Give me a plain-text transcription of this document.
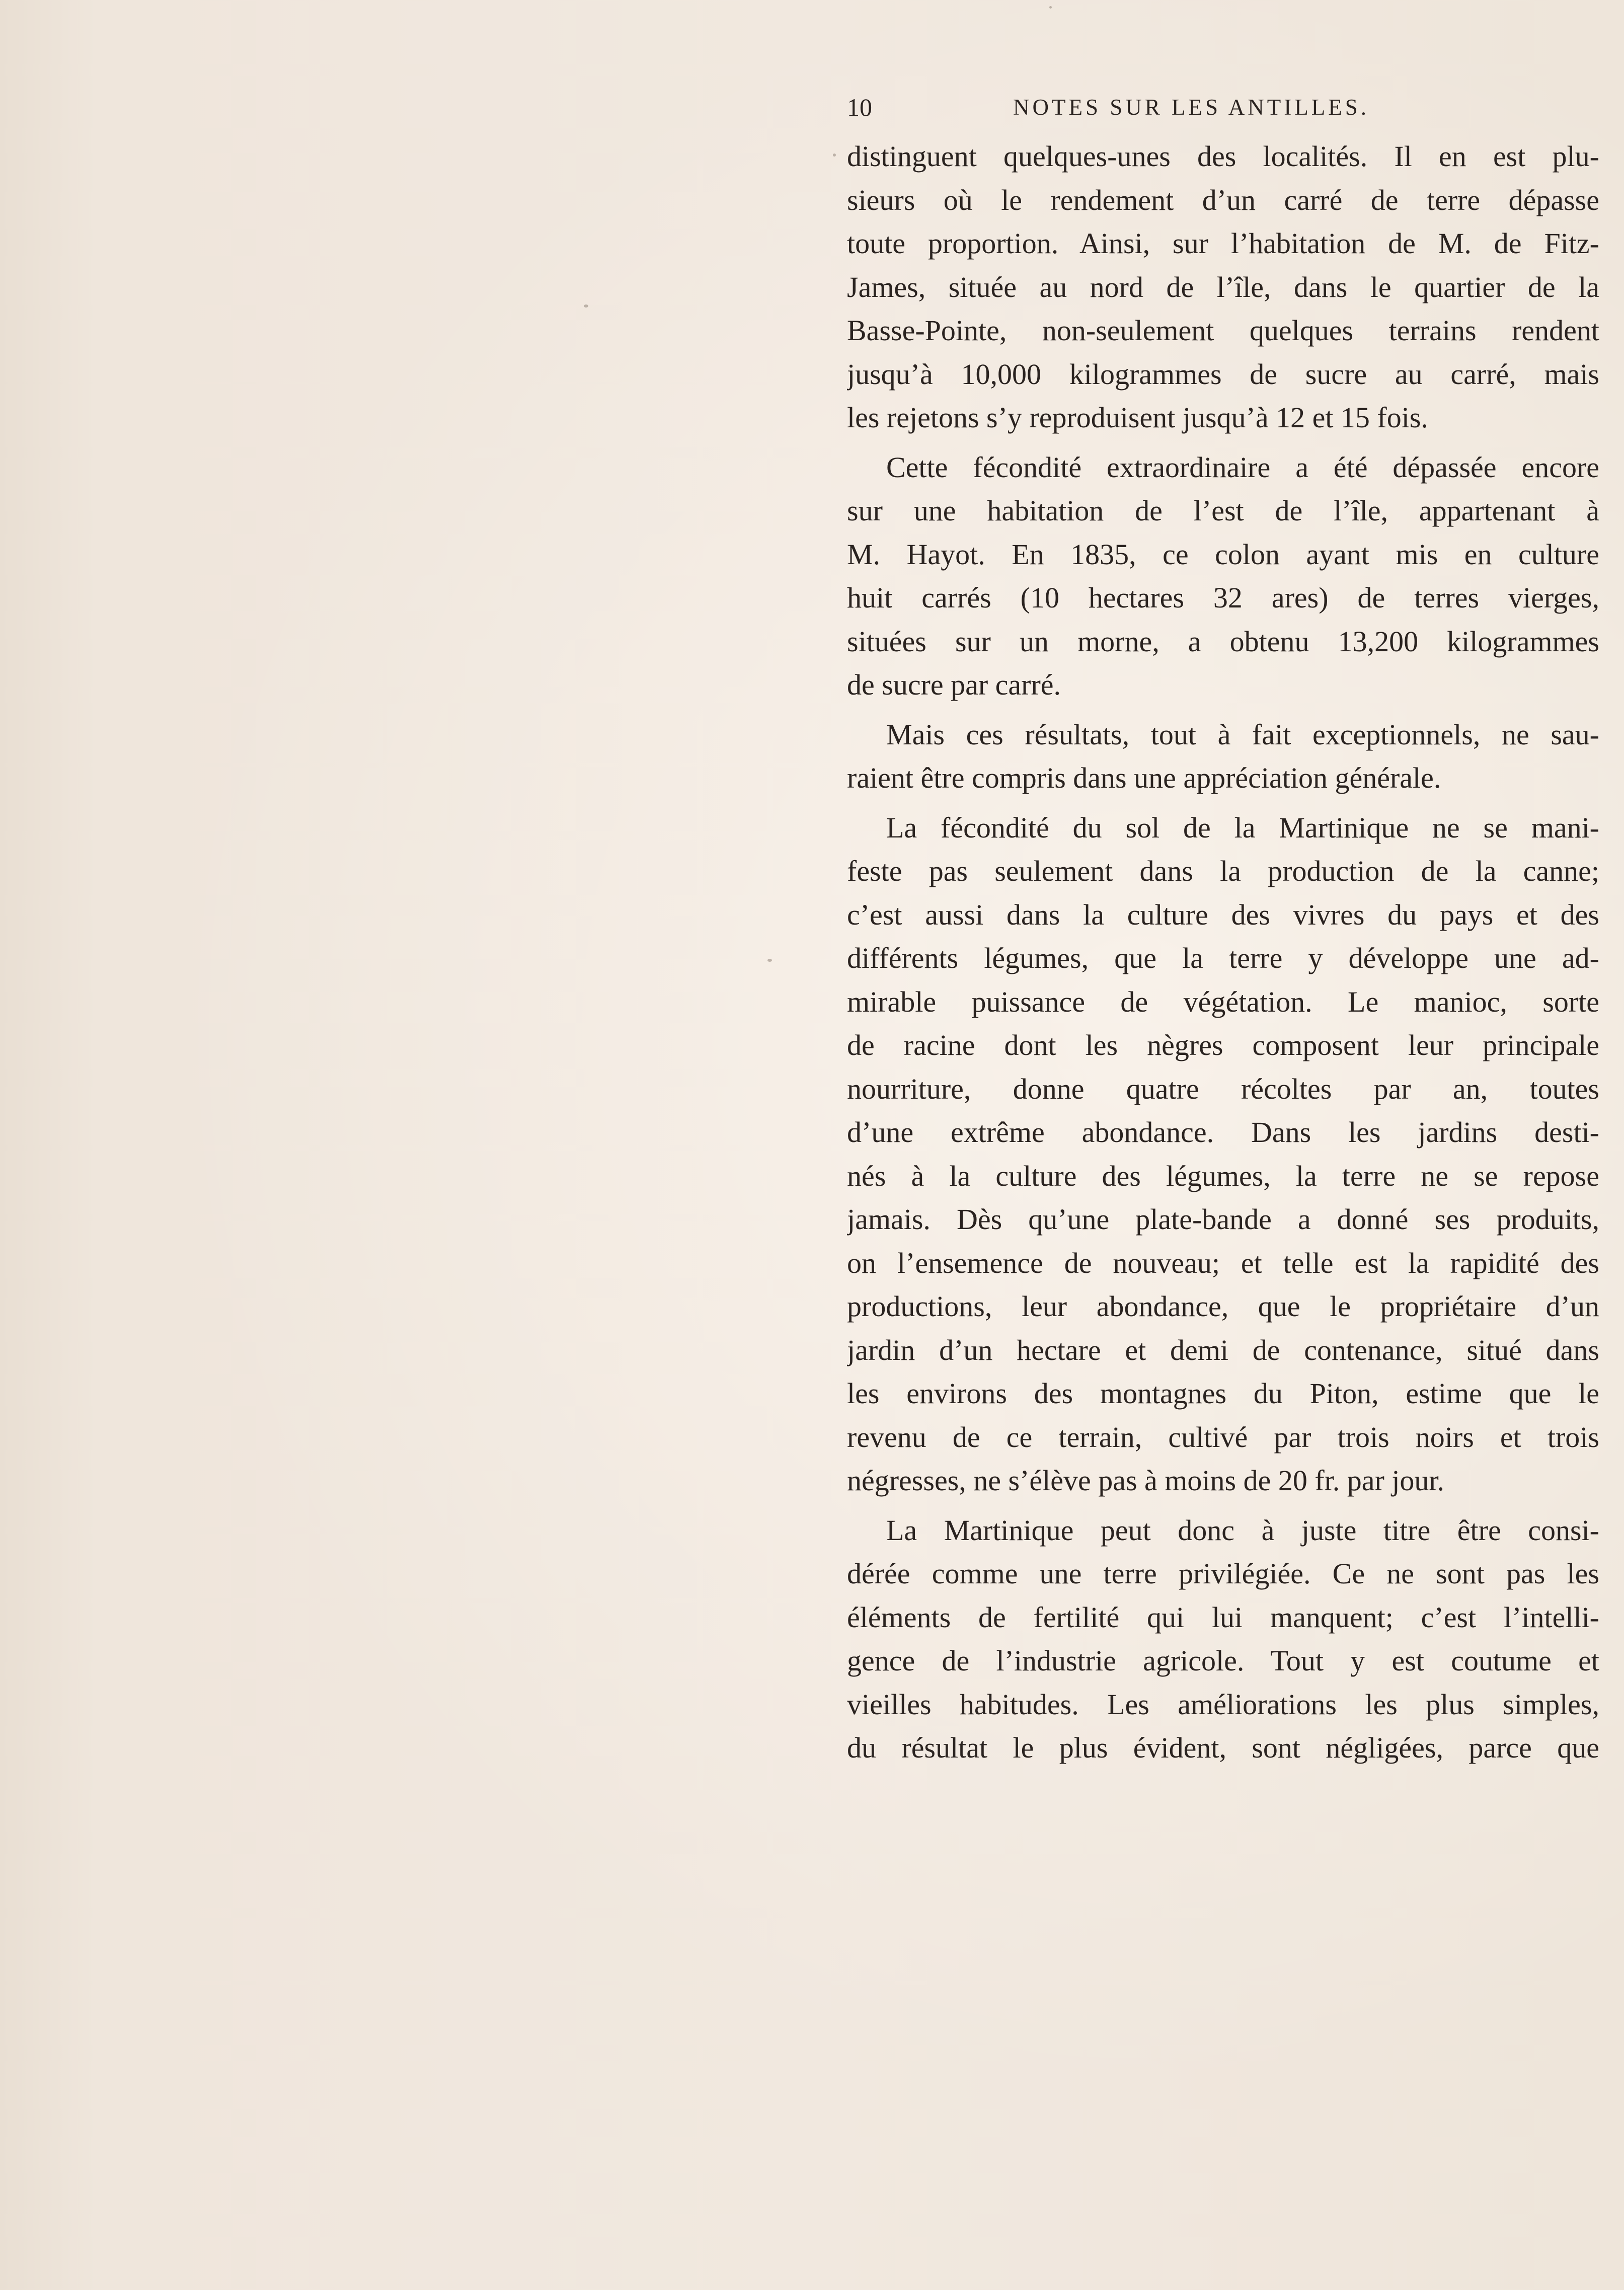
10	NOTES SUR LES ANTILLES.
distinguent quelques-unes des localités. Il en est plu-
sieurs où le rendement d’un carré de terre dépasse
toute proportion. Ainsi, sur l’habitation de M. de Fitz-
James, située au nord de l’île, dans le quartier de la
Basse-Pointe, non-seulement quelques terrains rendent
jusqu’à 10,000 kilogrammes de sucre au carré, mais
les rejetons s’y reproduisent jusqu’à 12 et 15 fois.
Cette fécondité extraordinaire a été dépassée encore
sur une habitation de l’est de l’île, appartenant à
M. Hayot. En 1835, ce colon ayant mis en culture
huit carrés (10 hectares 32 ares) de terres vierges,
situées sur un morne, a obtenu 13,200 kilogrammes
de sucre par carré.
Mais ces résultats, tout à fait exceptionnels, ne sau-
raient être compris dans une appréciation générale.
La fécondité du sol de la Martinique ne se mani-
feste pas seulement dans la production de la canne;
c’est aussi dans la culture des vivres du pays et des
différents légumes, que la terre y développe une ad-
mirable puissance de végétation. Le manioc, sorte
de racine dont les nègres composent leur principale
nourriture, donne quatre récoltes par an, toutes
d’une extrême abondance. Dans les jardins desti-
nés à la culture des légumes, la terre ne se repose
jamais. Dès qu’une plate-bande a donné ses produits,
on l’ensemence de nouveau; et telle est la rapidité des
productions, leur abondance, que le propriétaire d’un
jardin d’un hectare et demi de contenance, situé dans
les environs des montagnes du Piton, estime que le
revenu de ce terrain, cultivé par trois noirs et trois
négresses, ne s’élève pas à moins de 20 fr. par jour.
La Martinique peut donc à juste titre être consi-
dérée comme une terre privilégiée. Ce ne sont pas les
éléments de fertilité qui lui manquent; c’est l’intelli-
gence de l’industrie agricole. Tout y est coutume et
vieilles habitudes. Les améliorations les plus simples,
du résultat le plus évident, sont négligées, parce que
